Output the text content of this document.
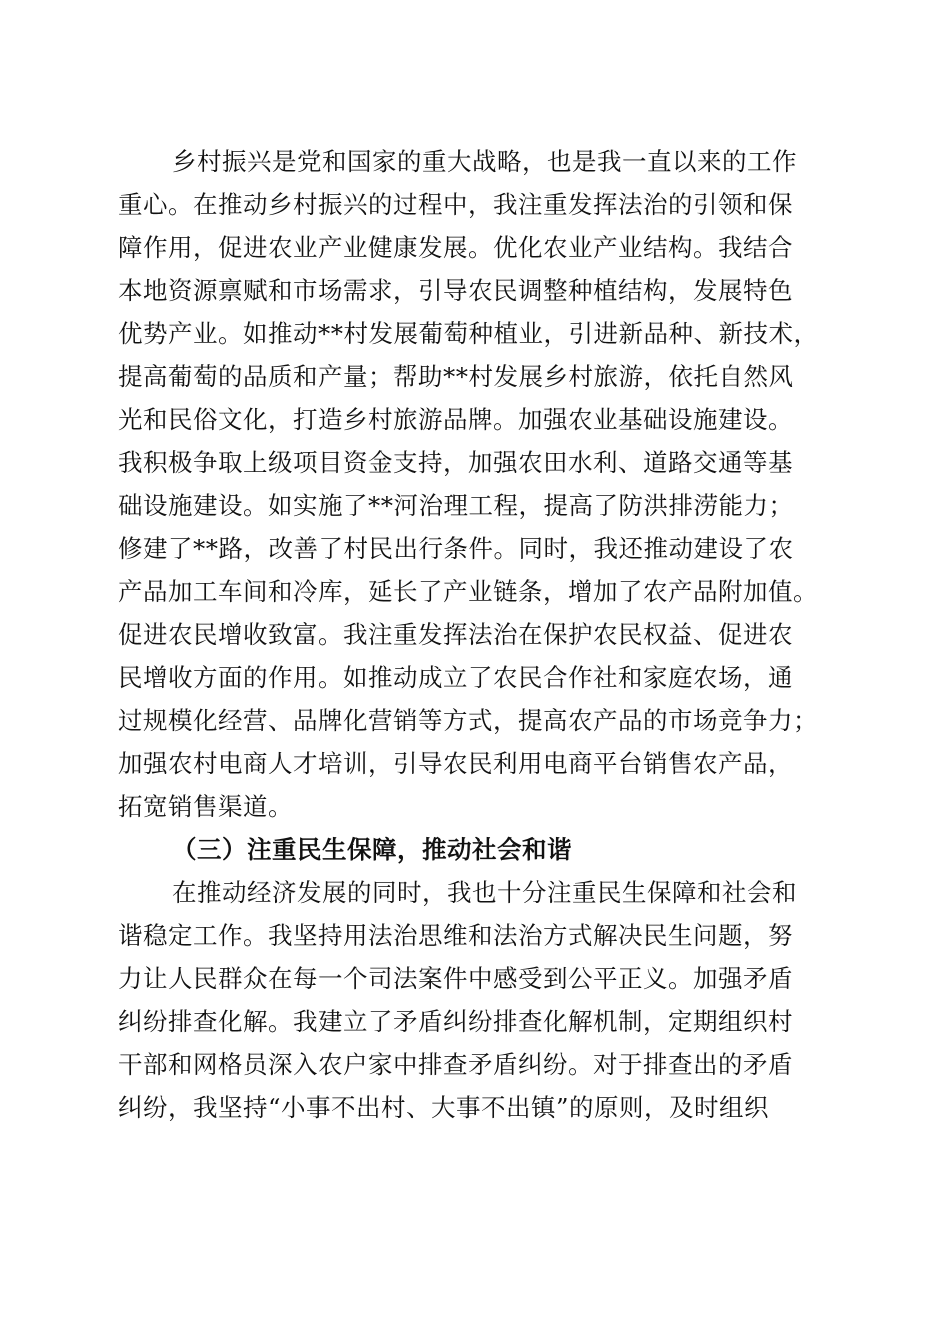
乡村振兴是党和国家的重大战略，也是我一直以来的工作
重心。在推动乡村振兴的过程中，我注重发挥法治的引领和保
障作用，促进农业产业健康发展。优化农业产业结构。我结合
本地资源禀赋和市场需求，引导农民调整种植结构，发展特色
优势产业。如推动**村发展葡萄种植业，引进新品种、新技术，
提高葡萄的品质和产量；帮助**村发展乡村旅游，依托自然风
光和民俗文化，打造乡村旅游品牌。加强农业基础设施建设。
我积极争取上级项目资金支持，加强农田水利、道路交通等基
础设施建设。如实施了**河治理工程，提高了防洪排涝能力；
修建了**路，改善了村民出行条件。同时，我还推动建设了农
产品加工车间和冷库，延长了产业链条，增加了农产品附加值。
促进农民增收致富。我注重发挥法治在保护农民权益、促进农
民增收方面的作用。如推动成立了农民合作社和家庭农场，通
过规模化经营、品牌化营销等方式，提高农产品的市场竞争力；
加强农村电商人才培训，引导农民利用电商平台销售农产品，
拓宽销售渠道。
（三）注重民生保障，推动社会和谐
在推动经济发展的同时，我也十分注重民生保障和社会和
谐稳定工作。我坚持用法治思维和法治方式解决民生问题，努
力让人民群众在每一个司法案件中感受到公平正义。加强矛盾
纠纷排查化解。我建立了矛盾纠纷排查化解机制，定期组织村
干部和网格员深入农户家中排查矛盾纠纷。对于排查出的矛盾
纠纷，我坚持“小事不出村、大事不出镇”的原则，及时组织
